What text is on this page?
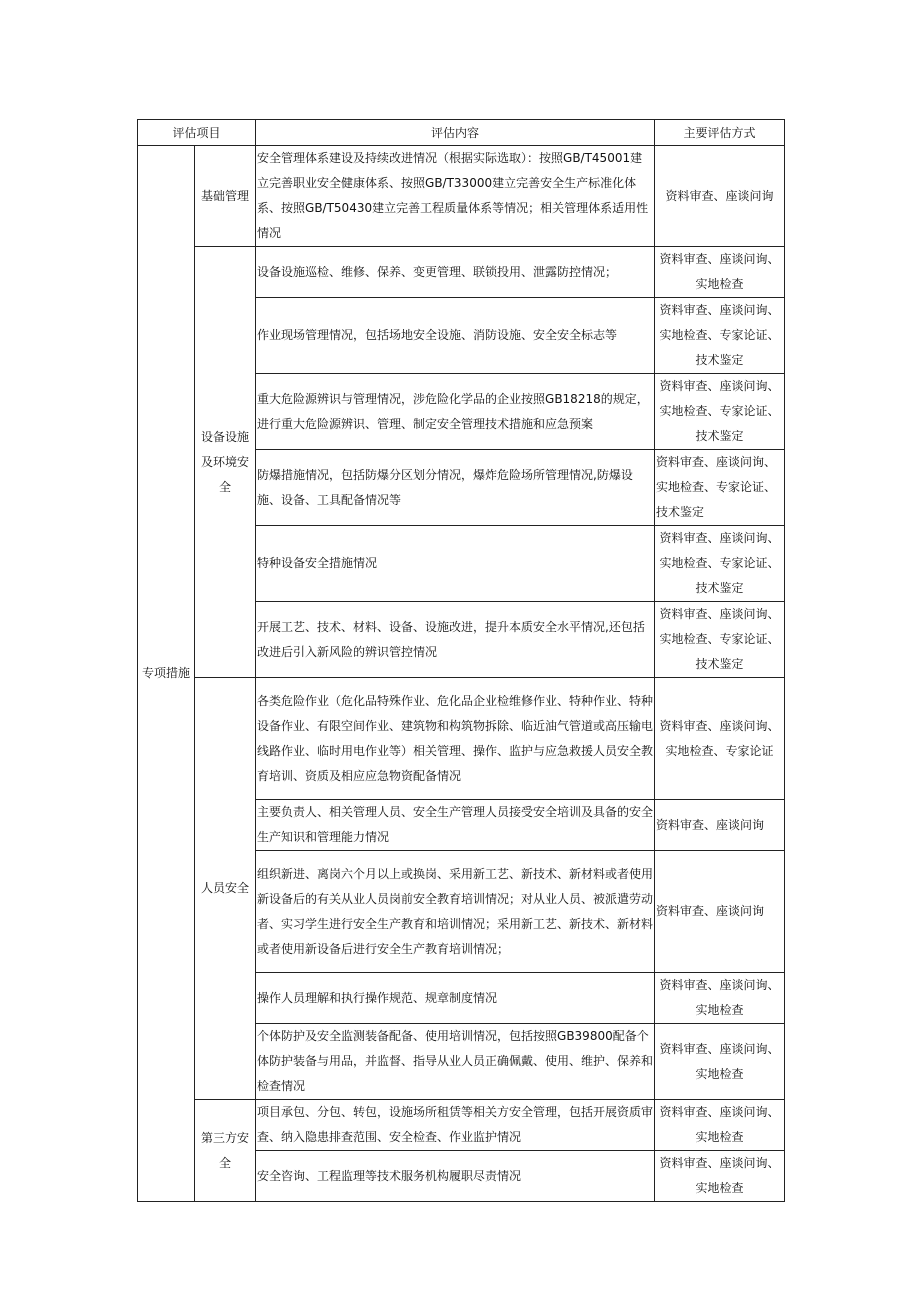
评估项目		评估内容	主要评估方式
专项措施	基础管理	安全管理体系建设及持续改进情况（根据实际选取）：按照GB/T45001建立完善职业安全健康体系、按照GB/T33000建立完善安全生产标准化体系、按照GB/T50430建立完善工程质量体系等情况；相关管理体系适用性情况	资料审查、座谈问询
	设备设施及环境安全	设备设施巡检、维修、保养、变更管理、联锁投用、泄露防控情况；	资料审查、座谈问询、实地检查
		作业现场管理情况，包括场地安全设施、消防设施、安全安全标志等	资料审查、座谈问询、实地检查、专家论证、技术鉴定
		重大危险源辨识与管理情况，涉危险化学品的企业按照GB18218的规定，进行重大危险源辨识、管理、制定安全管理技术措施和应急预案	资料审查、座谈问询、实地检查、专家论证、技术鉴定
		防爆措施情况，包括防爆分区划分情况，爆炸危险场所管理情况,防爆设施、设备、工具配备情况等	资料审查、座谈问询、实地检查、专家论证、技术鉴定
		特种设备安全措施情况	资料审查、座谈问询、实地检查、专家论证、技术鉴定
		开展工艺、技术、材料、设备、设施改进，提升本质安全水平情况,还包括改进后引入新风险的辨识管控情况	资料审查、座谈问询、实地检查、专家论证、技术鉴定
	人员安全	各类危险作业（危化品特殊作业、危化品企业检维修作业、特种作业、特种设备作业、有限空间作业、建筑物和构筑物拆除、临近油气管道或高压输电线路作业、临时用电作业等）相关管理、操作、监护与应急救援人员安全教育培训、资质及相应应急物资配备情况	资料审查、座谈问询、实地检查、专家论证
		主要负责人、相关管理人员、安全生产管理人员接受安全培训及具备的安全生产知识和管理能力情况	资料审查、座谈问询
		组织新进、离岗六个月以上或换岗、采用新工艺、新技术、新材料或者使用新设备后的有关从业人员岗前安全教育培训情况；对从业人员、被派遣劳动者、实习学生进行安全生产教育和培训情况；采用新工艺、新技术、新材料或者使用新设备后进行安全生产教育培训情况；	资料审查、座谈问询
		操作人员理解和执行操作规范、规章制度情况	资料审查、座谈问询、实地检查
		个体防护及安全监测装备配备、使用培训情况，包括按照GB39800配备个体防护装备与用品，并监督、指导从业人员正确佩戴、使用、维护、保养和检查情况	资料审查、座谈问询、实地检查
	第三方安全	项目承包、分包、转包，设施场所租赁等相关方安全管理，包括开展资质审查、纳入隐患排查范围、安全检查、作业监护情况	资料审查、座谈问询、实地检查
		安全咨询、工程监理等技术服务机构履职尽责情况	资料审查、座谈问询、实地检查
